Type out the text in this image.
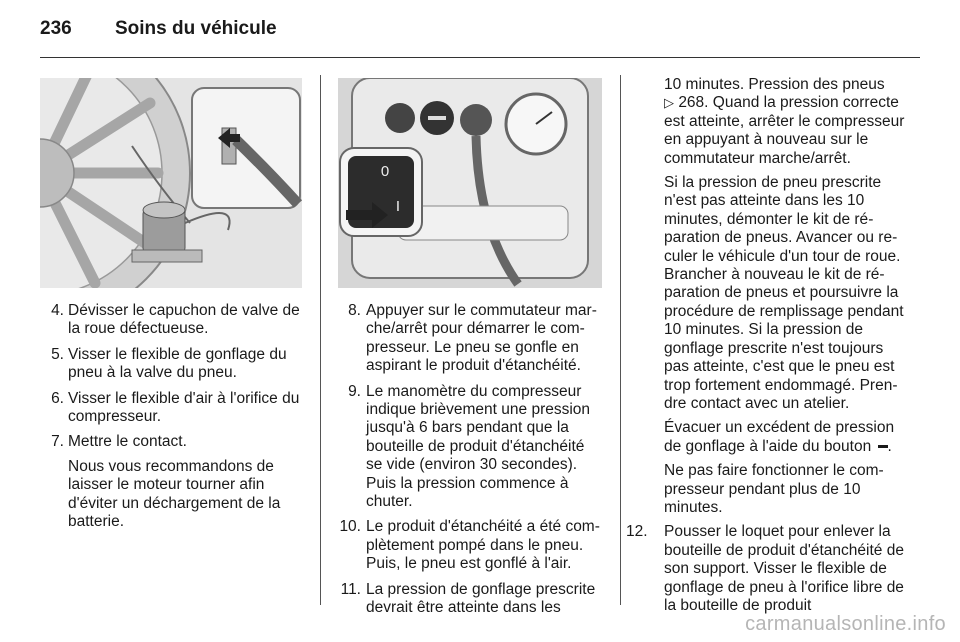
236	Soins du véhicule
0
I
4. Dévisser le capuchon de valve de la roue défectueuse.
5. Visser le flexible de gonflage du pneu à la valve du pneu.
6. Visser le flexible d'air à l'orifice du compresseur.
7. Mettre le contact.
Nous vous recommandons de laisser le moteur tourner afin d'éviter un déchargement de la batterie.
8. Appuyer sur le commutateur marche/arrêt pour démarrer le compresseur. Le pneu se gonfle en aspirant le produit d'étanchéité.
9. Le manomètre du compresseur indique brièvement une pression jusqu'à 6 bars pendant que la bouteille de produit d'étanchéité se vide (environ 30 secondes). Puis la pression commence à chuter.
10. Le produit d'étanchéité a été complètement pompé dans le pneu. Puis, le pneu est gonflé à l'air.
11. La pression de gonflage prescrite devrait être atteinte dans les
10 minutes. Pression des pneus
▷ 268. Quand la pression correcte est atteinte, arrêter le compresseur en appuyant à nouveau sur le commutateur marche/arrêt.
Si la pression de pneu prescrite n'est pas atteinte dans les 10 minutes, démonter le kit de réparation de pneus. Avancer ou reculer le véhicule d'un tour de roue. Brancher à nouveau le kit de réparation de pneus et poursuivre la procédure de remplissage pendant 10 minutes. Si la pression de gonflage prescrite n'est toujours pas atteinte, c'est que le pneu est trop fortement endommagé. Prendre contact avec un atelier.
Évacuer un excédent de pression de gonflage à l'aide du bouton .
Ne pas faire fonctionner le compresseur pendant plus de 10 minutes.
12. Pousser le loquet pour enlever la bouteille de produit d'étanchéité de son support. Visser le flexible de gonflage de pneu à l'orifice libre de la bouteille de produit
carmanualsonline.info
